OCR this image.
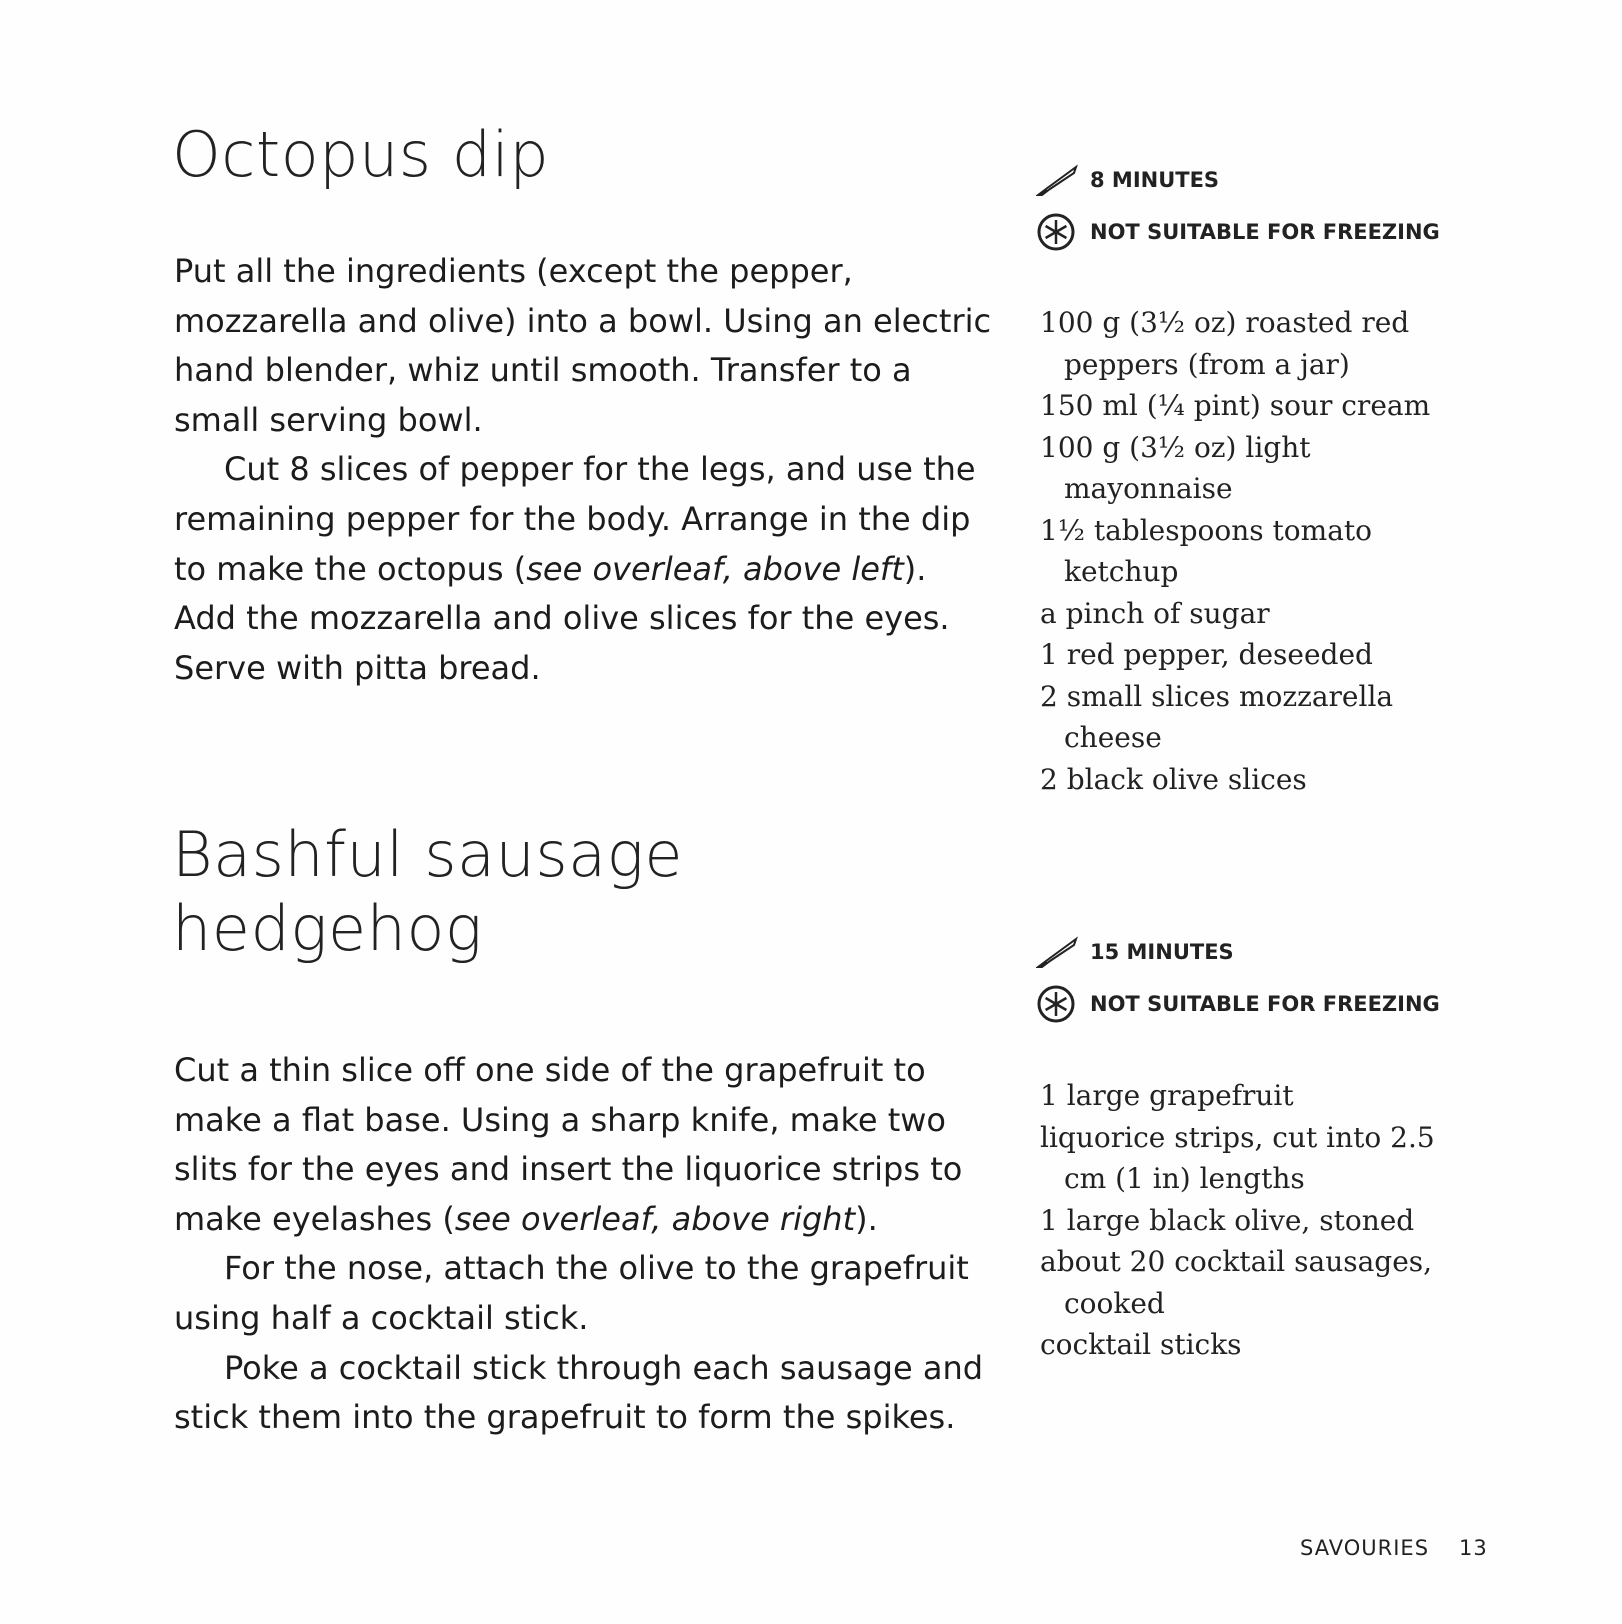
Octopus dip

Put all the ingredients (except the pepper, mozzarella and olive) into a bowl. Using an electric hand blender, whiz until smooth. Transfer to a small serving bowl.

Cut 8 slices of pepper for the legs, and use the remaining pepper for the body. Arrange in the dip to make the octopus (see overleaf, above left). Add the mozzarella and olive slices for the eyes. Serve with pitta bread.

8 MINUTES
NOT SUITABLE FOR FREEZING
100 g (3½ oz) roasted red peppers (from a jar)
150 ml (¼ pint) sour cream
100 g (3½ oz) light mayonnaise
1½ tablespoons tomato ketchup
a pinch of sugar
1 red pepper, deseeded
2 small slices mozzarella cheese
2 black olive slices
Bashful sausage
hedgehog

Cut a thin slice off one side of the grapefruit to make a flat base. Using a sharp knife, make two slits for the eyes and insert the liquorice strips to make eyelashes (see overleaf, above right).

For the nose, attach the olive to the grapefruit using half a cocktail stick.

Poke a cocktail stick through each sausage and stick them into the grapefruit to form the spikes.

15 MINUTES
NOT SUITABLE FOR FREEZING
1 large grapefruit
liquorice strips, cut into 2.5 cm (1 in) lengths
1 large black olive, stoned
about 20 cocktail sausages, cooked
cocktail sticks
SAVOURIES 13
